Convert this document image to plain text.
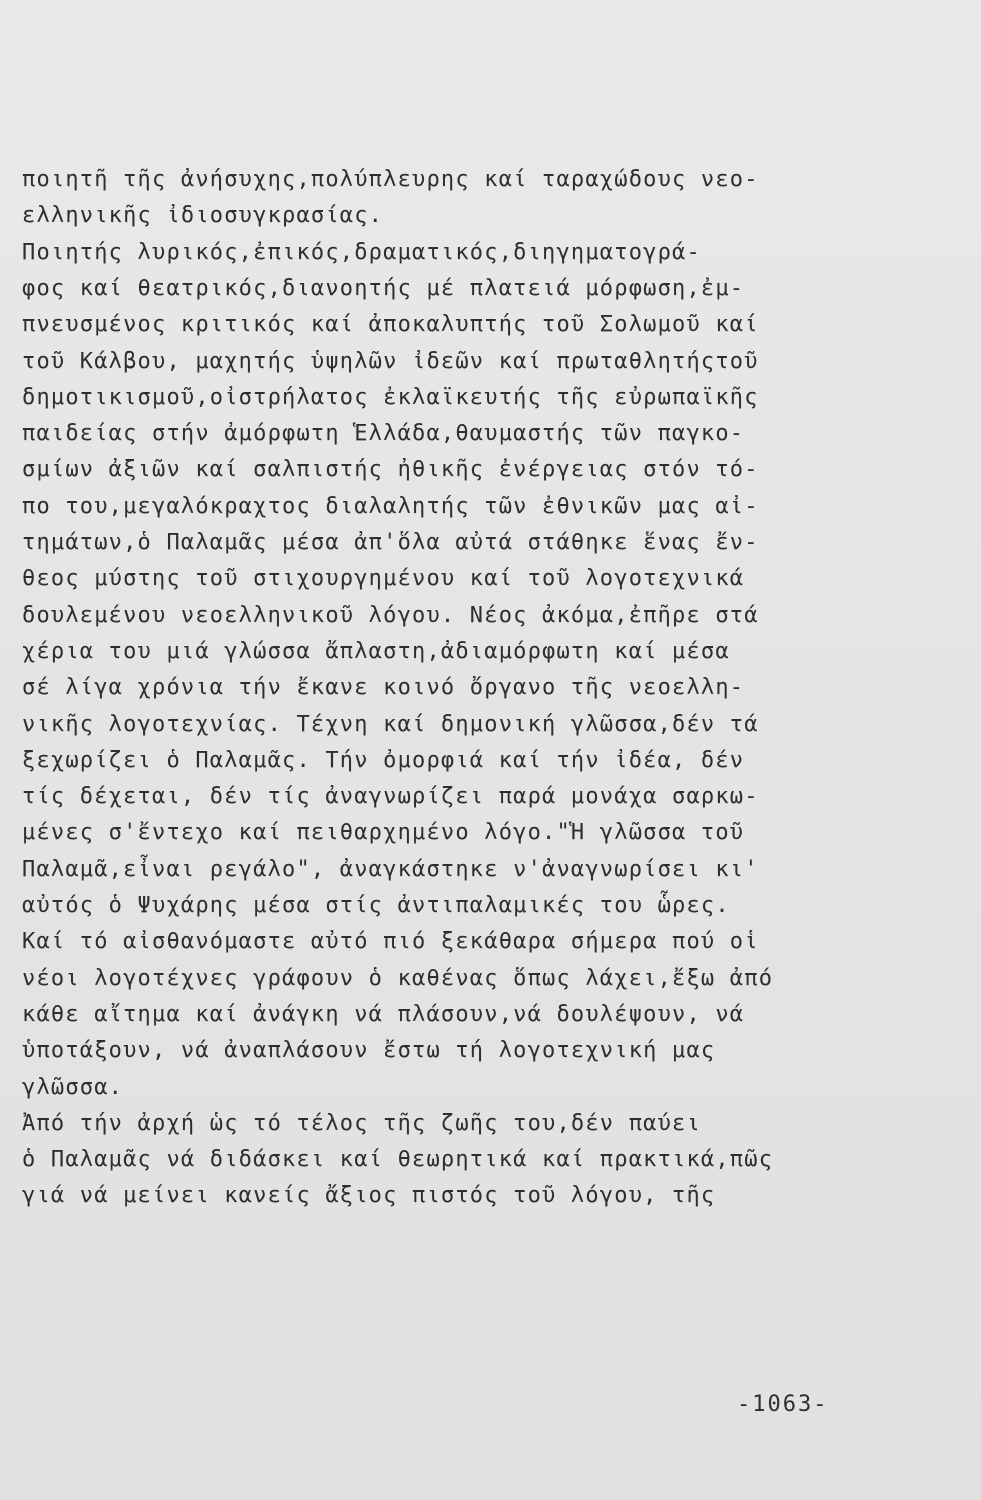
ποιητῆ τῆς ἀνήσυχης,πολύπλευρης καί ταραχώδους νεο-
ελληνικῆς ἰδιοσυγκρασίας.
Ποιητής λυρικός,ἐπικός,δραματικός,διηγηματογρά-
φος καί θεατρικός,διανοητής μέ πλατειά μόρφωση,ἐμ-
πνευσμένος κριτικός καί ἀποκαλυπτής τοῦ Σολωμοῦ καί
τοῦ Κάλβου, μαχητής ὑψηλῶν ἰδεῶν καί πρωταθλητήςτοῦ
δημοτικισμοῦ,οἰστρήλατος ἐκλαϊκευτής τῆς εὐρωπαϊκῆς
παιδείας στήν ἀμόρφωτη Ἑλλάδα,θαυμαστής τῶν παγκο-
σμίων ἀξιῶν καί σαλπιστής ἠθικῆς ἐνέργειας στόν τό-
πο του,μεγαλόκραχτος διαλαλητής τῶν ἐθνικῶν μας αἰ-
τημάτων,ὁ Παλαμᾶς μέσα ἀπ'ὅλα αὐτά στάθηκε ἕνας ἔν-
θεος μύστης τοῦ στιχουργημένου καί τοῦ λογοτεχνικά
δουλεμένου νεοελληνικοῦ λόγου. Νέος ἀκόμα,ἐπῆρε στά
χέρια του μιά γλώσσα ἄπλαστη,ἀδιαμόρφωτη καί μέσα
σέ λίγα χρόνια τήν ἔκανε κοινό ὄργανο τῆς νεοελλη-
νικῆς λογοτεχνίας. Τέχνη καί δημονική γλῶσσα,δέν τά
ξεχωρίζει ὁ Παλαμᾶς. Τήν ὀμορφιά καί τήν ἰδέα, δέν
τίς δέχεται, δέν τίς ἀναγνωρίζει παρά μονάχα σαρκω-
μένες σ'ἔντεχο καί πειθαρχημένο λόγο."Ἡ γλῶσσα τοῦ
Παλαμᾶ,εἶναι ρεγάλο", ἀναγκάστηκε ν'ἀναγνωρίσει κι'
αὐτός ὁ Ψυχάρης μέσα στίς ἀντιπαλαμικές του ὧρες.
Καί τό αἰσθανόμαστε αὐτό πιό ξεκάθαρα σήμερα πού οἱ
νέοι λογοτέχνες γράφουν ὁ καθένας ὅπως λάχει,ἔξω ἀπό
κάθε αἴτημα καί ἀνάγκη νά πλάσουν,νά δουλέψουν, νά
ὑποτάξουν, νά ἀναπλάσουν ἔστω τή λογοτεχνική μας
γλῶσσα.
Ἀπό τήν ἀρχή ὡς τό τέλος τῆς ζωῆς του,δέν παύει
ὁ Παλαμᾶς νά διδάσκει καί θεωρητικά καί πρακτικά,πῶς
γιά νά μείνει κανείς ἄξιος πιστός τοῦ λόγου, τῆς
-1063-
